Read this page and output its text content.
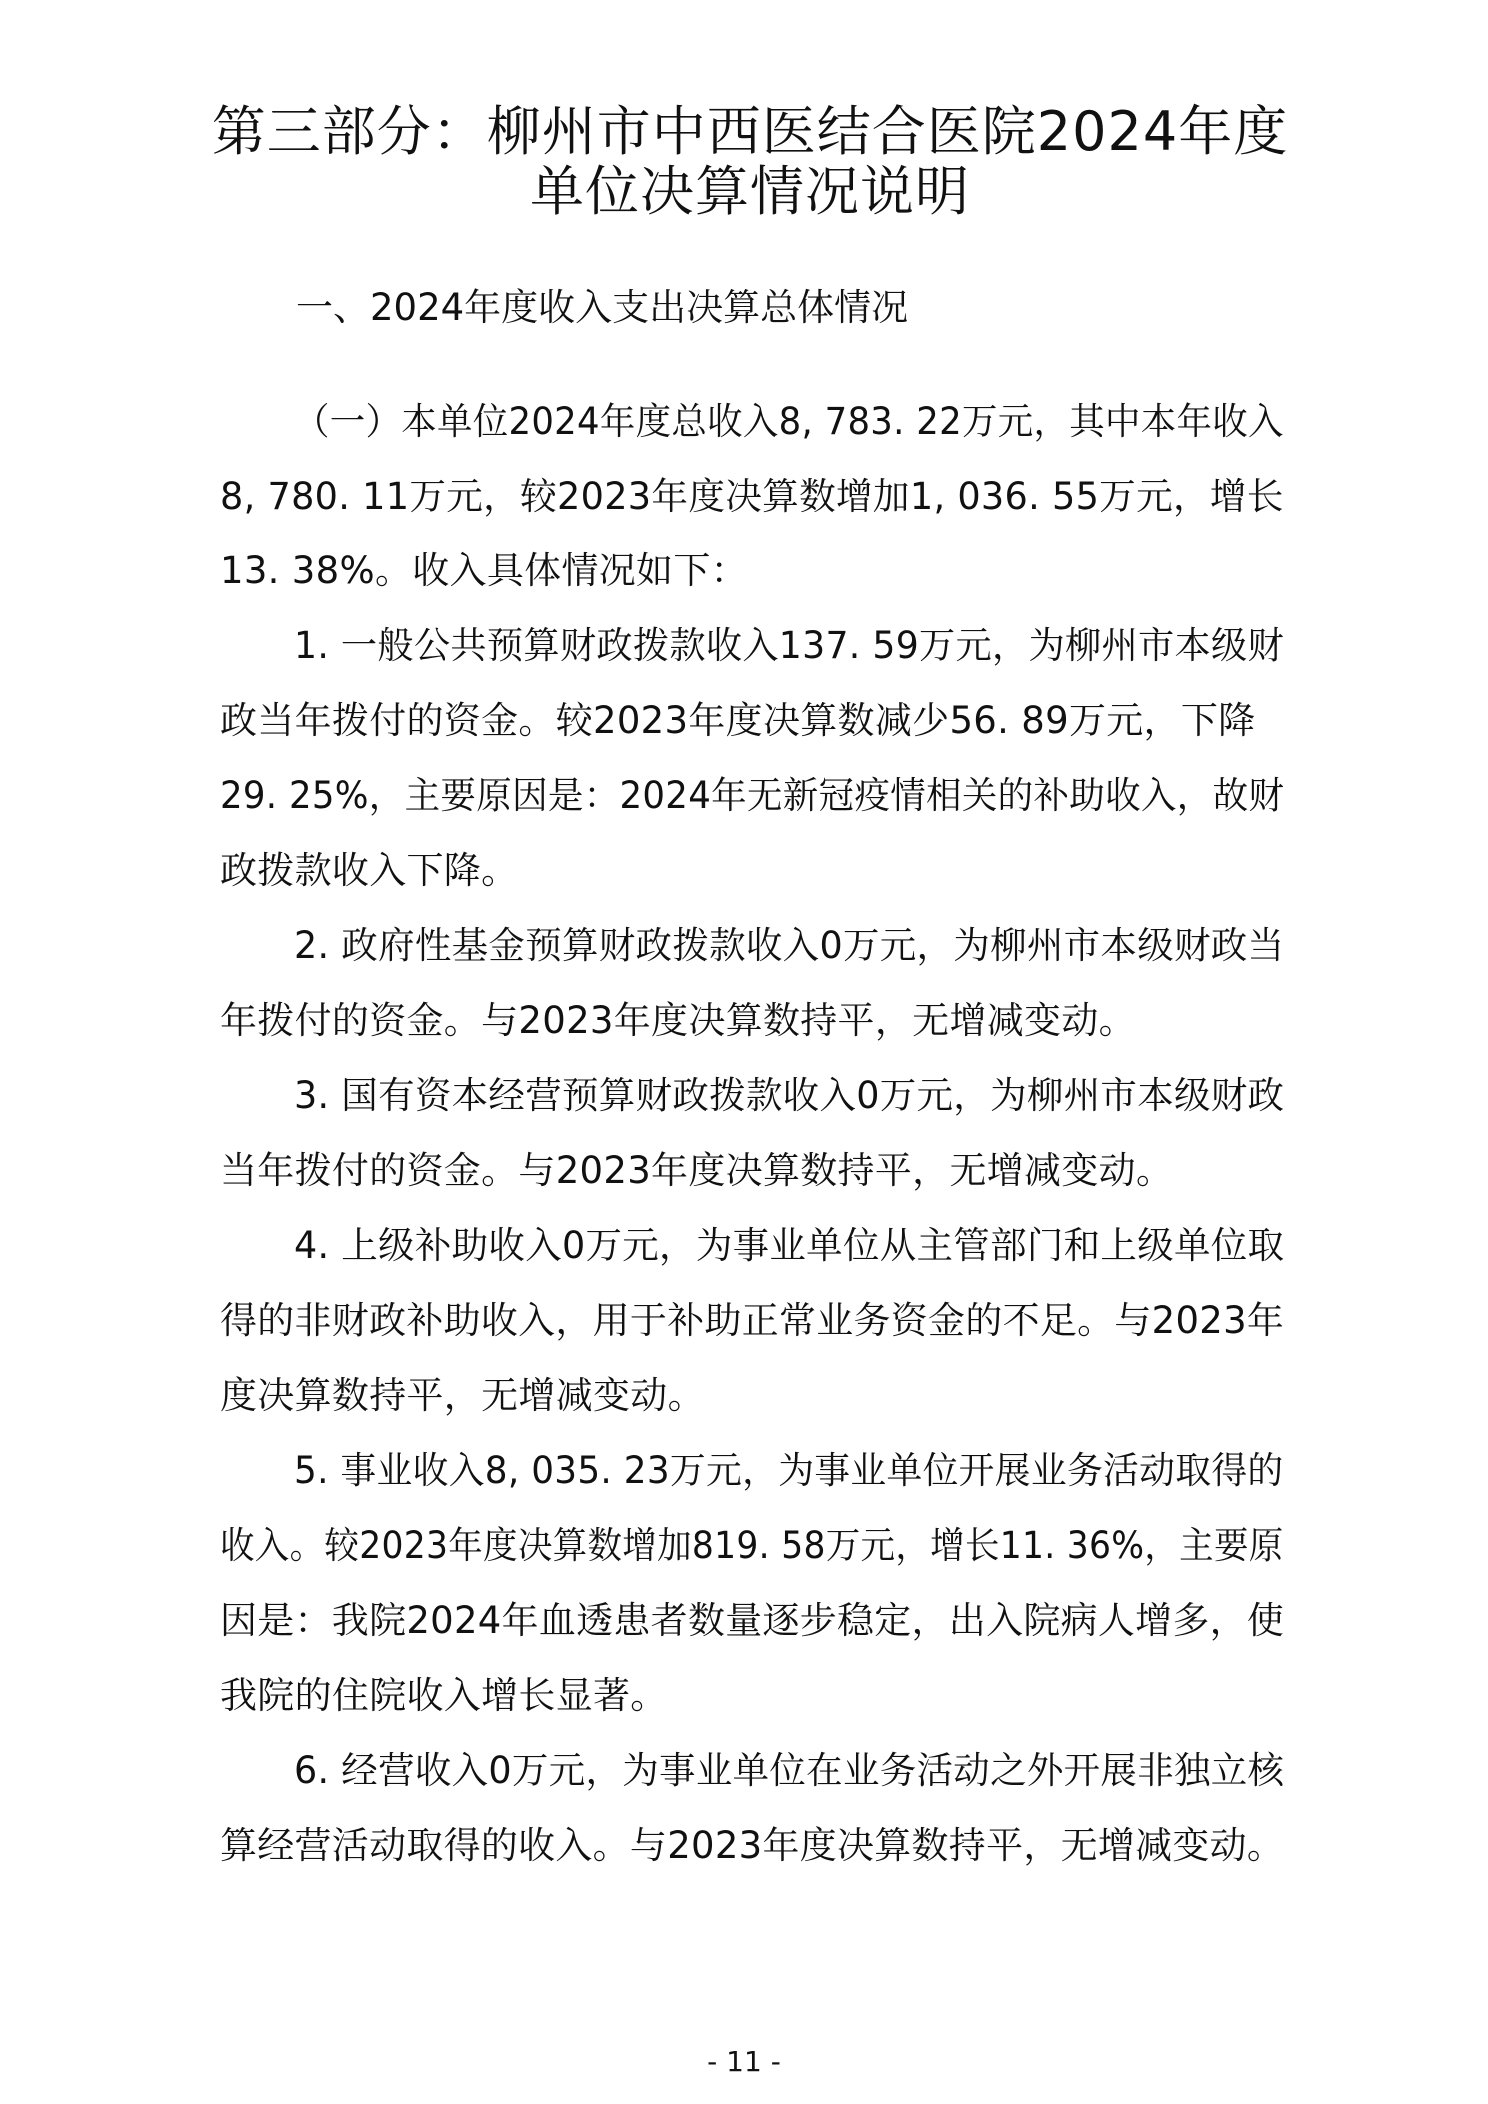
第三部分：柳州市中西医结合医院2024年度
单位决算情况说明
一、2024年度收入支出决算总体情况
（一）本单位2024年度总收入8, 783. 22万元，其中本年收入
8, 780. 11万元，较2023年度决算数增加1, 036. 55万元，增长
13. 38%。收入具体情况如下：
1. 一般公共预算财政拨款收入137. 59万元，为柳州市本级财
政当年拨付的资金。较2023年度决算数减少56. 89万元，下降
29. 25%，主要原因是：2024年无新冠疫情相关的补助收入，故财
政拨款收入下降。
2. 政府性基金预算财政拨款收入0万元，为柳州市本级财政当
年拨付的资金。与2023年度决算数持平，无增减变动。
3. 国有资本经营预算财政拨款收入0万元，为柳州市本级财政
当年拨付的资金。与2023年度决算数持平，无增减变动。
4. 上级补助收入0万元，为事业单位从主管部门和上级单位取
得的非财政补助收入，用于补助正常业务资金的不足。与2023年
度决算数持平，无增减变动。
5. 事业收入8, 035. 23万元，为事业单位开展业务活动取得的
收入。较2023年度决算数增加819. 58万元，增长11. 36%，主要原
因是：我院2024年血透患者数量逐步稳定，出入院病人增多，使
我院的住院收入增长显著。
6. 经营收入0万元，为事业单位在业务活动之外开展非独立核
算经营活动取得的收入。与2023年度决算数持平，无增减变动。
- 11 -
